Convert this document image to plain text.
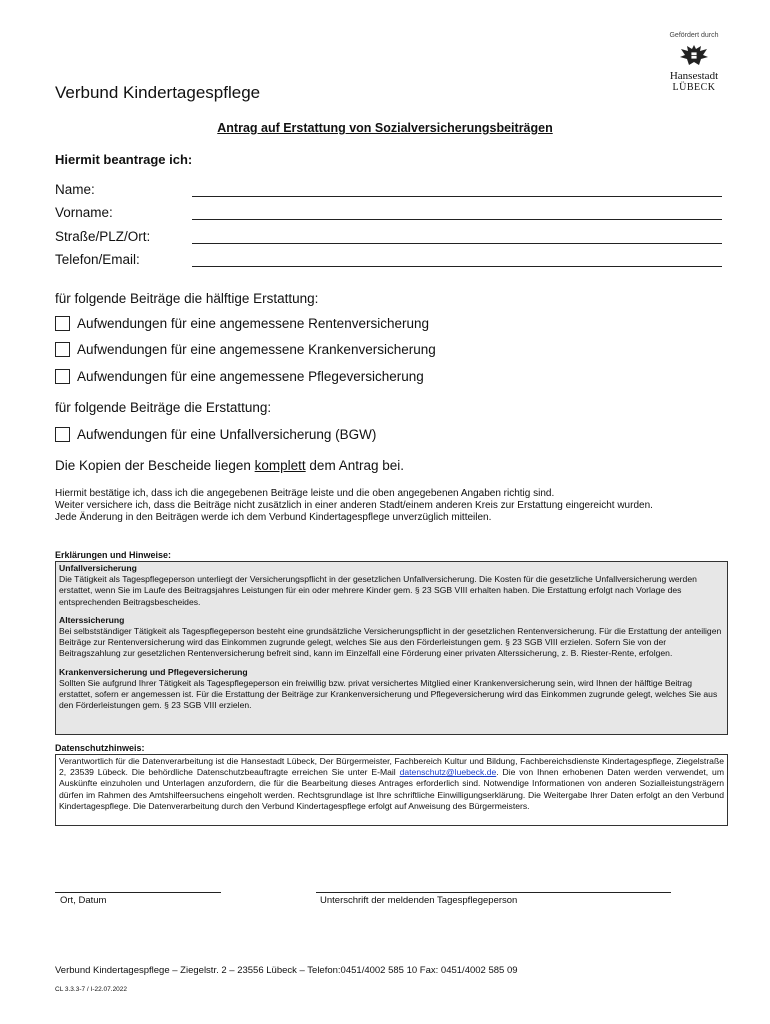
Gefördert durch
Hansestadt
LÜBECK
Verbund Kindertagespflege
Antrag auf Erstattung von Sozialversicherungsbeiträgen
Hiermit beantrage ich:
Name:
Vorname:
Straße/PLZ/Ort:
Telefon/Email:
für folgende Beiträge die hälftige Erstattung:
Aufwendungen für eine angemessene Rentenversicherung
Aufwendungen für eine angemessene Krankenversicherung
Aufwendungen für eine angemessene Pflegeversicherung
für folgende Beiträge die Erstattung:
Aufwendungen für eine Unfallversicherung (BGW)
Die Kopien der Bescheide liegen komplett dem Antrag bei.
Hiermit bestätige ich, dass ich die angegebenen Beiträge leiste und die oben angegebenen Angaben richtig sind.
Weiter versichere ich, dass die Beiträge nicht zusätzlich in einer anderen Stadt/einem anderen Kreis zur Erstattung eingereicht wurden.
Jede Änderung in den Beiträgen werde ich dem Verbund Kindertagespflege unverzüglich mitteilen.
Erklärungen und Hinweise:
Unfallversicherung
Die Tätigkeit als Tagespflegeperson unterliegt der Versicherungspflicht in der gesetzlichen Unfallversicherung. Die Kosten für die gesetzliche Unfallversicherung werden erstattet, wenn Sie im Laufe des Beitragsjahres Leistungen für ein oder mehrere Kinder gem. § 23 SGB VIII erhalten haben. Die Erstattung erfolgt nach Vorlage des entsprechenden Beitragsbescheides.
Alterssicherung
Bei selbstständiger Tätigkeit als Tagespflegeperson besteht eine grundsätzliche Versicherungspflicht in der gesetzlichen Rentenversicherung. Für die Erstattung der anteiligen Beiträge zur Rentenversicherung wird das Einkommen zugrunde gelegt, welches Sie aus den Förderleistungen gem. § 23 SGB VIII erzielen. Sofern Sie von der Beitragszahlung zur gesetzlichen Rentenversicherung befreit sind, kann im Einzelfall eine Förderung einer privaten Alterssicherung, z. B. Riester-Rente, erfolgen.
Krankenversicherung und Pflegeversicherung
Sollten Sie aufgrund Ihrer Tätigkeit als Tagespflegeperson ein freiwillig bzw. privat versichertes Mitglied einer Krankenversicherung sein, wird Ihnen der hälftige Beitrag erstattet, sofern er angemessen ist. Für die Erstattung der Beiträge zur Krankenversicherung und Pflegeversicherung wird das Einkommen zugrunde gelegt, welches Sie aus den Förderleistungen gem. § 23 SGB VIII erzielen.
Datenschutzhinweis:
Verantwortlich für die Datenverarbeitung ist die Hansestadt Lübeck, Der Bürgermeister, Fachbereich Kultur und Bildung, Fachbereichsdienste Kindertagespflege, Ziegelstraße 2, 23539 Lübeck. Die behördliche Datenschutzbeauftragte erreichen Sie unter E-Mail datenschutz@luebeck.de. Die von Ihnen erhobenen Daten werden verwendet, um Auskünfte einzuholen und Unterlagen anzufordern, die für die Bearbeitung dieses Antrages erforderlich sind. Notwendige Informationen von anderen Sozialleistungsträgern dürfen im Rahmen des Amtshilfeersuchens eingeholt werden. Rechtsgrundlage ist Ihre schriftliche Einwilligungserklärung. Die Weitergabe Ihrer Daten erfolgt an den Verbund Kindertagespflege. Die Datenverarbeitung durch den Verbund Kindertagespflege erfolgt auf Anweisung des Bürgermeisters.
Ort, Datum	Unterschrift der meldenden Tagespflegeperson
Verbund Kindertagespflege – Ziegelstr. 2 – 23556 Lübeck – Telefon:0451/4002 585 10 Fax: 0451/4002 585 09
CL 3.3.3-7 / I-22.07.2022
